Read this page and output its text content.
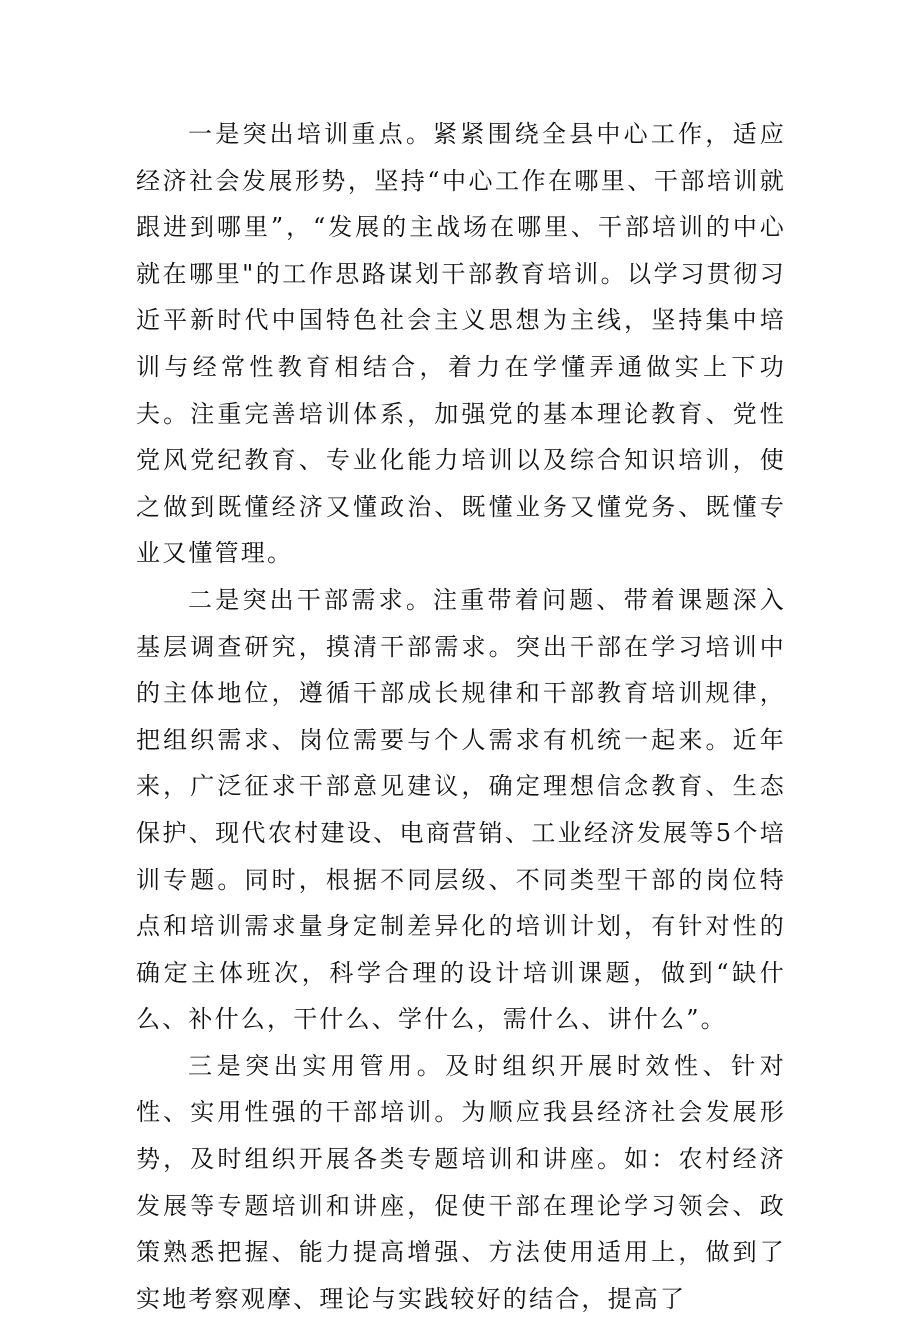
一是突出培训重点。紧紧围绕全县中心工作，适应经济社会发展形势，坚持“中心工作在哪里、干部培训就跟进到哪里”，“发展的主战场在哪里、干部培训的中心就在哪里"的工作思路谋划干部教育培训。以学习贯彻习近平新时代中国特色社会主义思想为主线，坚持集中培训与经常性教育相结合，着力在学懂弄通做实上下功夫。注重完善培训体系，加强党的基本理论教育、党性党风党纪教育、专业化能力培训以及综合知识培训，使之做到既懂经济又懂政治、既懂业务又懂党务、既懂专业又懂管理。

二是突出干部需求。注重带着问题、带着课题深入基层调查研究，摸清干部需求。突出干部在学习培训中的主体地位，遵循干部成长规律和干部教育培训规律，把组织需求、岗位需要与个人需求有机统一起来。近年来，广泛征求干部意见建议，确定理想信念教育、生态保护、现代农村建设、电商营销、工业经济发展等5个培训专题。同时，根据不同层级、不同类型干部的岗位特点和培训需求量身定制差异化的培训计划，有针对性的确定主体班次，科学合理的设计培训课题，做到“缺什么、补什么，干什么、学什么，需什么、讲什么”。

三是突出实用管用。及时组织开展时效性、针对性、实用性强的干部培训。为顺应我县经济社会发展形势，及时组织开展各类专题培训和讲座。如：农村经济发展等专题培训和讲座，促使干部在理论学习领会、政策熟悉把握、能力提高增强、方法使用适用上，做到了实地考察观摩、理论与实践较好的结合，提高了
